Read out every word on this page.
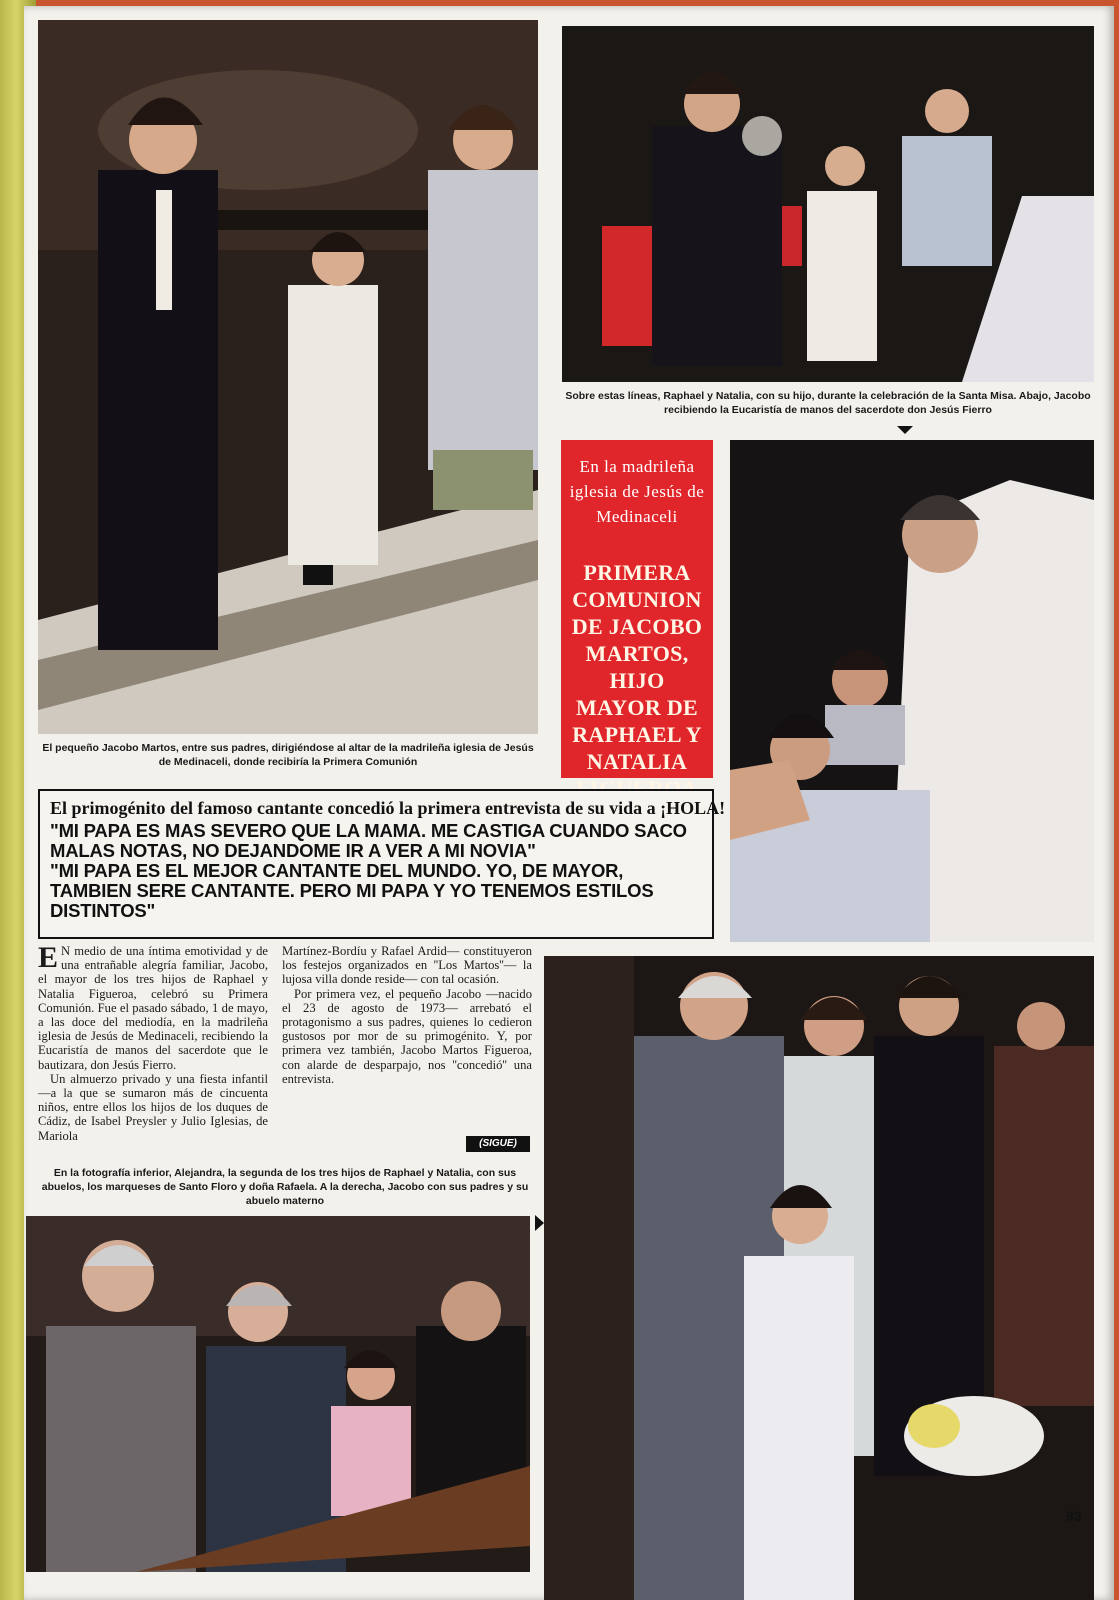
El pequeño Jacobo Martos, entre sus padres, dirigiéndose al altar de la madrileña iglesia de Jesús de Medinaceli, donde recibiría la Primera Comunión

Sobre estas líneas, Raphael y Natalia, con su hijo, durante la celebración de la Santa Misa. Abajo, Jacobo recibiendo la Eucaristía de manos del sacerdote don Jesús Fierro

En la madrileña iglesia de Jesús de Medinaceli
PRIMERA COMUNION DE JACOBO MARTOS, HIJO MAYOR DE RAPHAEL Y NATALIA

El primogénito del famoso cantante concedió la primera entrevista de su vida a ¡HOLA!

"MI PAPA ES MAS SEVERO QUE LA MAMA. ME CASTIGA CUANDO SACO MALAS NOTAS, NO DEJANDOME IR A VER A MI NOVIA"

"MI PAPA ES EL MEJOR CANTANTE DEL MUNDO. YO, DE MAYOR, TAMBIEN SERE CANTANTE. PERO MI PAPA Y YO TENEMOS ESTILOS DISTINTOS"

E N medio de una íntima emotividad y de una entrañable alegría familiar, Jacobo, el mayor de los tres hijos de Raphael y Natalia Figueroa, celebró su Primera Comunión. Fue el pasado sábado, 1 de mayo, a las doce del mediodía, en la madrileña iglesia de Jesús de Medinaceli, recibiendo la Eucaristía de manos del sacerdote que le bautizara, don Jesús Fierro.
Un almuerzo privado y una fiesta infantil —a la que se sumaron más de cincuenta niños, entre ellos los hijos de los duques de Cádiz, de Isabel Preysler y Julio Iglesias, de Mariola
Martínez-Bordíu y Rafael Ardid— constituyeron los festejos organizados en ''Los Martos''— la lujosa villa donde reside— con tal ocasión.
Por primera vez, el pequeño Jacobo —nacido el 23 de agosto de 1973— arrebató el protagonismo a sus padres, quienes lo cedieron gustosos por mor de su primogénito. Y, por primera vez también, Jacobo Martos Figueroa, con alarde de desparpajo, nos ''concedió'' una entrevista.
(SIGUE)

En la fotografía inferior, Alejandra, la segunda de los tres hijos de Raphael y Natalia, con sus abuelos, los marqueses de Santo Floro y doña Rafaela. A la derecha, Jacobo con sus padres y su abuelo materno

93
